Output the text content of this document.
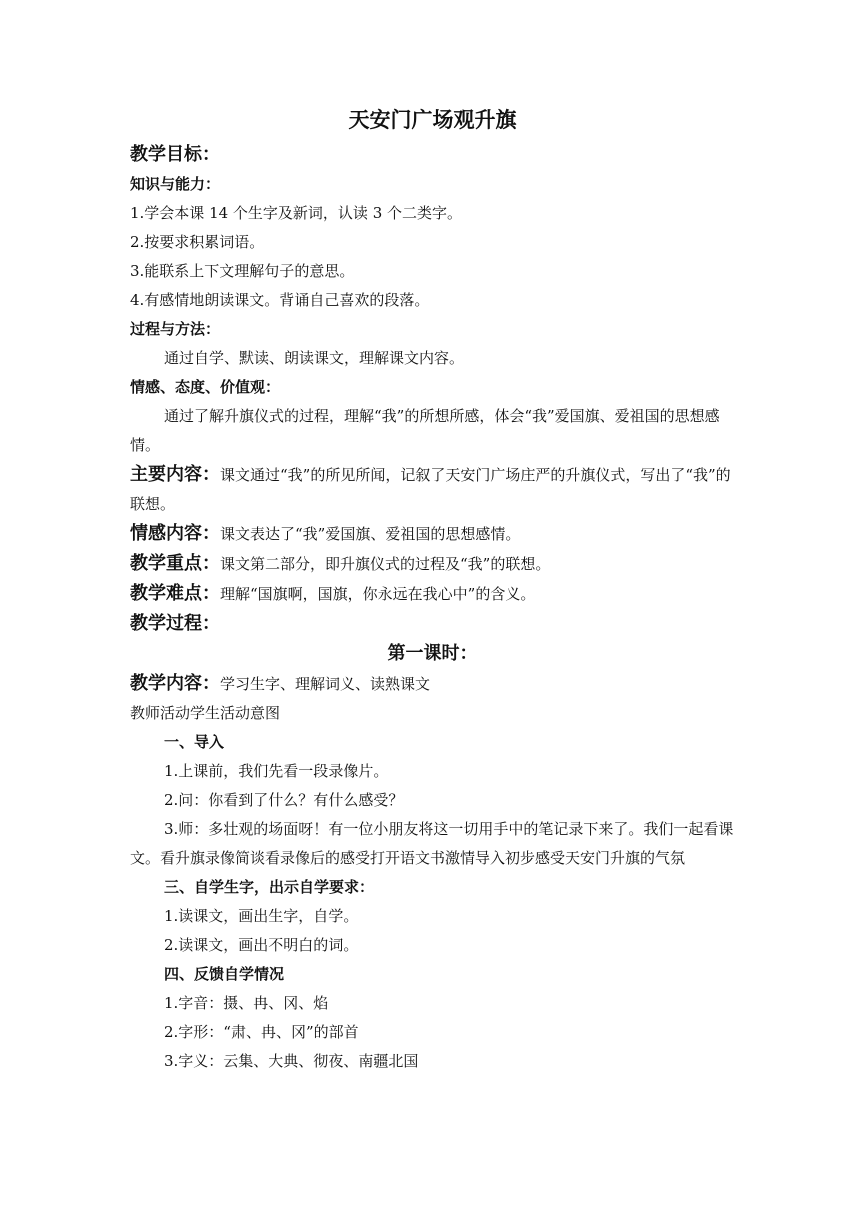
天安门广场观升旗
教学目标：
知识与能力：
1.学会本课 14 个生字及新词，认读 3 个二类字。
2.按要求积累词语。
3.能联系上下文理解句子的意思。
4.有感情地朗读课文。背诵自己喜欢的段落。
过程与方法：
通过自学、默读、朗读课文，理解课文内容。
情感、态度、价值观：
通过了解升旗仪式的过程，理解“我”的所想所感，体会“我”爱国旗、爱祖国的思想感情。
主要内容：课文通过“我”的所见所闻，记叙了天安门广场庄严的升旗仪式，写出了“我”的联想。
情感内容：课文表达了“我”爱国旗、爱祖国的思想感情。
教学重点：课文第二部分，即升旗仪式的过程及“我”的联想。
教学难点：理解“国旗啊，国旗，你永远在我心中”的含义。
教学过程：
第一课时：
教学内容：学习生字、理解词义、读熟课文
教师活动学生活动意图
一、导入
1.上课前，我们先看一段录像片。
2.问：你看到了什么？有什么感受？
3.师：多壮观的场面呀！有一位小朋友将这一切用手中的笔记录下来了。我们一起看课文。看升旗录像简谈看录像后的感受打开语文书激情导入初步感受天安门升旗的气氛
三、自学生字，出示自学要求：
1.读课文，画出生字，自学。
2.读课文，画出不明白的词。
四、反馈自学情况
1.字音：摄、冉、冈、焰
2.字形：“肃、冉、冈”的部首
3.字义：云集、大典、彻夜、南疆北国
